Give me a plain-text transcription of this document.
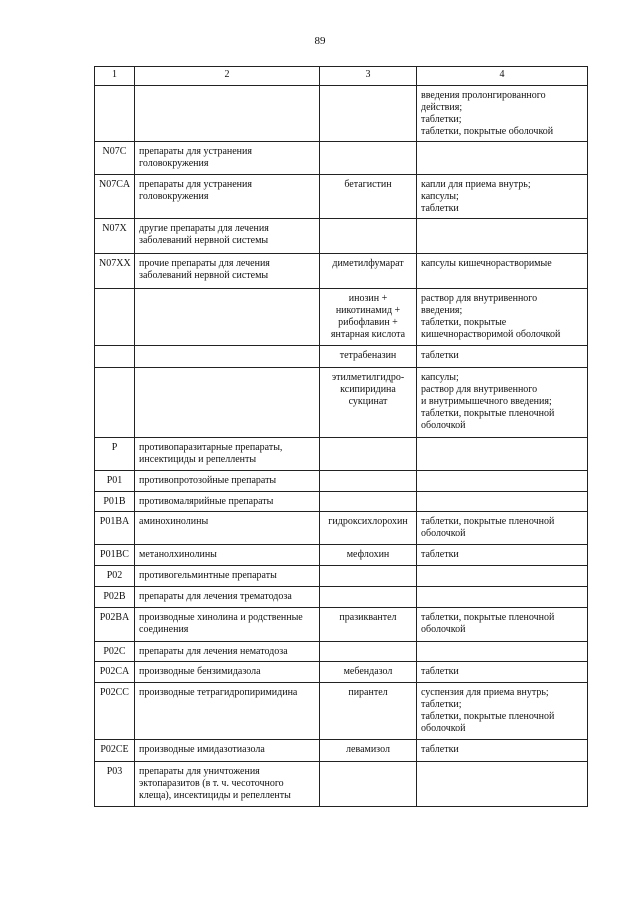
89
1	2	3	4

			введения пролонгированного
действия;
таблетки;
таблетки, покрытые оболочкой

N07C	препараты для устранения
головокружения		

N07CA	препараты для устранения
головокружения	бетагистин	капли для приема внутрь;
капсулы;
таблетки

N07X	другие препараты для лечения
заболеваний нервной системы		

N07XX	прочие препараты для лечения
заболеваний нервной системы	диметилфумарат	капсулы кишечнорастворимые

		инозин +
никотинамид +
рибофлавин +
янтарная кислота	раствор для внутривенного
введения;
таблетки, покрытые
кишечнорастворимой оболочкой

		тетрабеназин	таблетки

		этилметилгидро-
ксипиридина
сукцинат	капсулы;
раствор для внутривенного
и внутримышечного введения;
таблетки, покрытые пленочной
оболочкой

P	противопаразитарные препараты,
инсектициды и репелленты		

P01	противопротозойные препараты		

P01B	противомалярийные препараты		

P01BA	аминохинолины	гидроксихлорохин	таблетки, покрытые пленочной
оболочкой

P01BC	метанолхинолины	мефлохин	таблетки

P02	противогельминтные препараты		

P02B	препараты для лечения трематодоза		

P02BA	производные хинолина и родственные
соединения	празиквантел	таблетки, покрытые пленочной
оболочкой

P02C	препараты для лечения нематодоза		

P02CA	производные бензимидазола	мебендазол	таблетки

P02CC	производные тетрагидропиримидина	пирантел	суспензия для приема внутрь;
таблетки;
таблетки, покрытые пленочной
оболочкой

P02CE	производные имидазотиазола	левамизол	таблетки

P03	препараты для уничтожения
эктопаразитов (в т. ч. чесоточного
клеща), инсектициды и репелленты		
